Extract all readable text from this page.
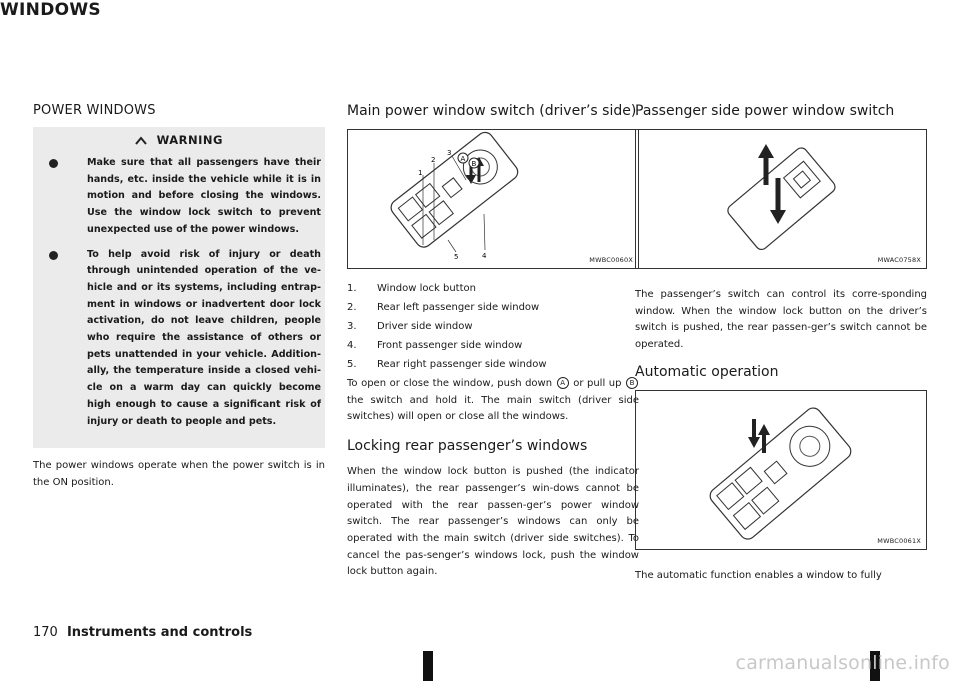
WINDOWS
POWER WINDOWS
WARNING
Make sure that all passengers have their hands, etc. inside the vehicle while it is in motion and before closing the windows. Use the window lock switch to prevent unexpected use of the power windows.
To help avoid risk of injury or death through unintended operation of the ve-hicle and or its systems, including entrap-ment in windows or inadvertent door lock activation, do not leave children, people who require the assistance of others or pets unattended in your vehicle. Addition-ally, the temperature inside a closed vehi-cle on a warm day can quickly become high enough to cause a significant risk of injury or death to people and pets.

The power windows operate when the power switch is in the ON position.

Main power window switch (driver’s side)
A
B
1
2
3
4
5	MWBC0060X
1.	Window lock button
2.	Rear left passenger side window
3.	Driver side window
4.	Front passenger side window
5.	Rear right passenger side window

To open or close the window, push down A or pull up B the switch and hold it. The main switch (driver side switches) will open or close all the windows.

Locking rear passenger’s windows

When the window lock button is pushed (the indicator illuminates), the rear passenger’s win-dows cannot be operated with the rear passen-ger’s power window switch. The rear passenger’s windows can only be operated with the main switch (driver side switches). To cancel the pas-senger’s windows lock, push the window lock button again.

Passenger side power window switch
MWAC0758X

The passenger’s switch can control its corre-sponding window. When the window lock button on the driver’s switch is pushed, the rear passen-ger’s switch cannot be operated.

Automatic operation
MWBC0061X

The automatic function enables a window to fully

170 Instruments and controls
carmanualsonline.info
